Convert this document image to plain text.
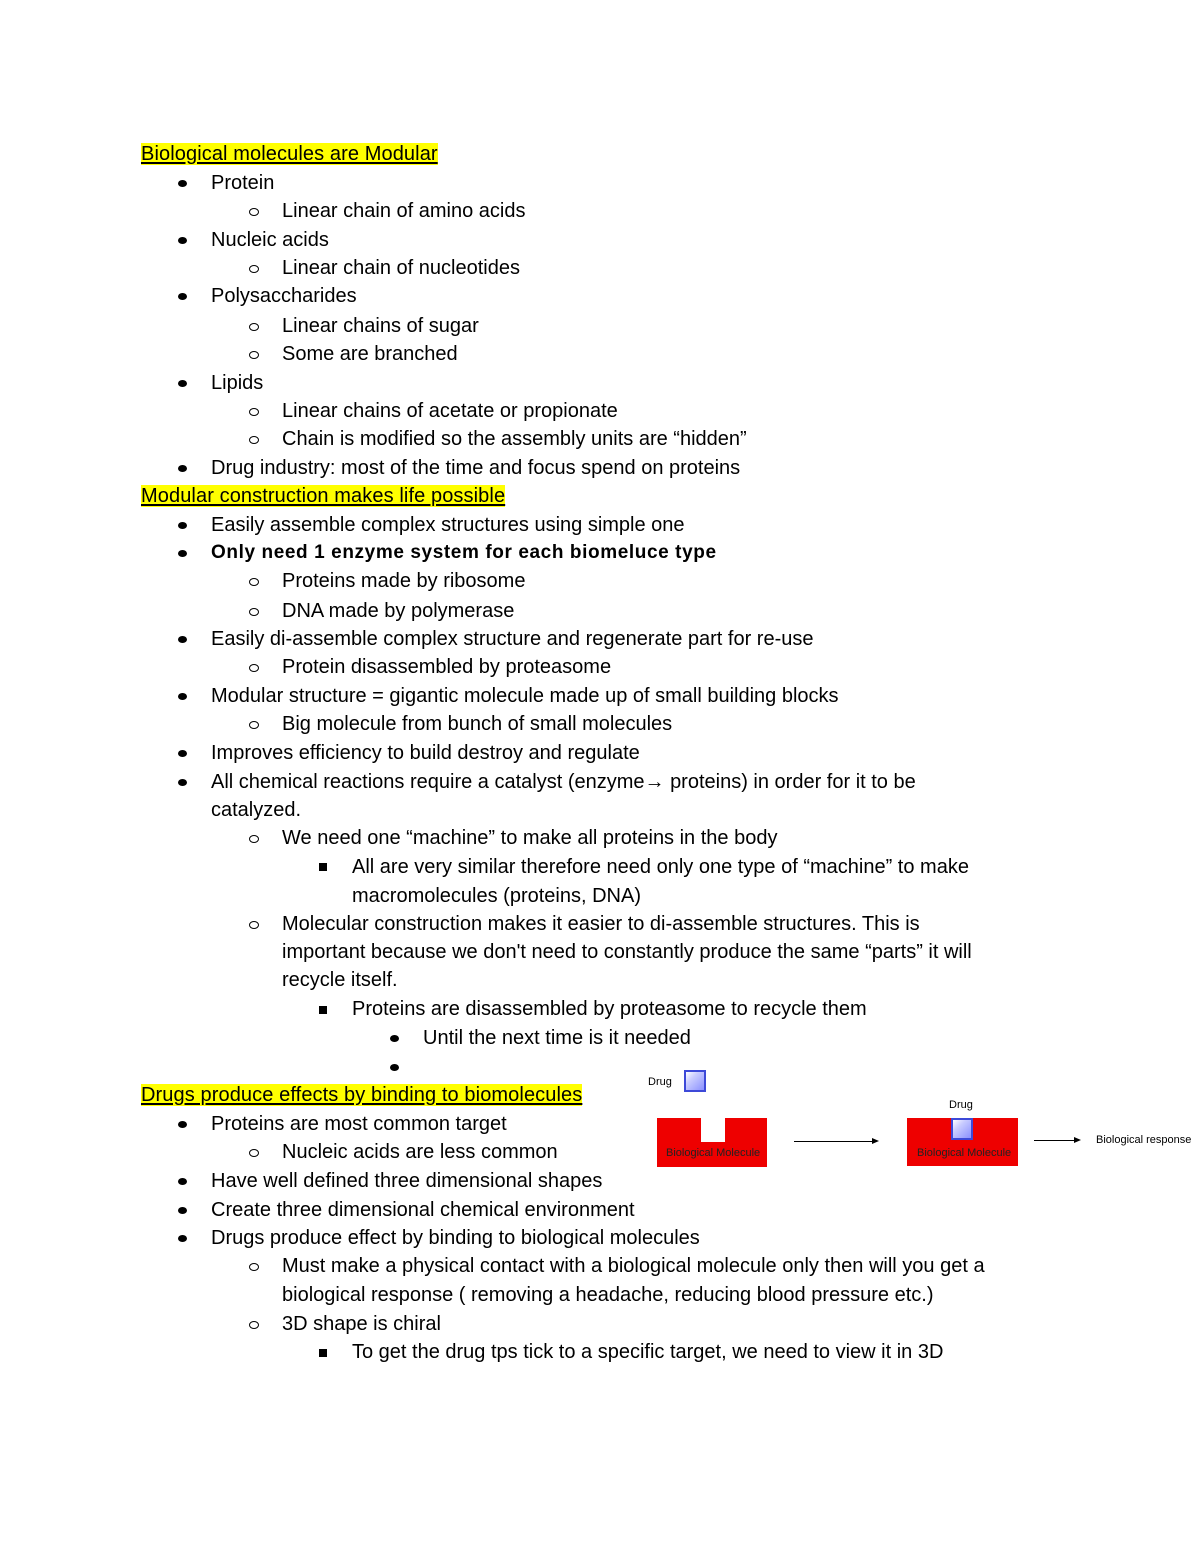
Biological molecules are Modular
Protein
Linear chain of amino acids
Nucleic acids
Linear chain of nucleotides
Polysaccharides
Linear chains of sugar
Some are branched
Lipids
Linear chains of acetate or propionate
Chain is modified so the assembly units are “hidden”
Drug industry: most of the time and focus spend on proteins
Modular construction makes life possible
Easily assemble complex structures using simple one
Only need 1 enzyme system for each biomeluce type
Proteins made by ribosome
DNA made by polymerase
Easily di-assemble complex structure and regenerate part for re-use
Protein disassembled by proteasome
Modular structure = gigantic molecule made up of small building blocks
Big molecule from bunch of small molecules
Improves efficiency to build destroy and regulate
All chemical reactions require a catalyst (enzyme→ proteins) in order for it to be
catalyzed.
We need one “machine” to make all proteins in the body
All are very similar therefore need only one type of “machine” to make
macromolecules (proteins, DNA)
Molecular construction makes it easier to di-assemble structures. This is
important because we don't need to constantly produce the same “parts” it will
recycle itself.
Proteins are disassembled by proteasome to recycle them
Until the next time is it needed
Drugs produce effects by binding to biomolecules
Proteins are most common target
Nucleic acids are less common
Have well defined three dimensional shapes
Create three dimensional chemical environment
Drugs produce effect by binding to biological molecules
Must make a physical contact with a biological molecule only then will you get a
biological response ( removing a headache, reducing blood pressure etc.)
3D shape is chiral
To get the drug tps tick to a specific target, we need to view it in 3D
Drug
Biological Molecule
Drug
Biological Molecule
Biological response
